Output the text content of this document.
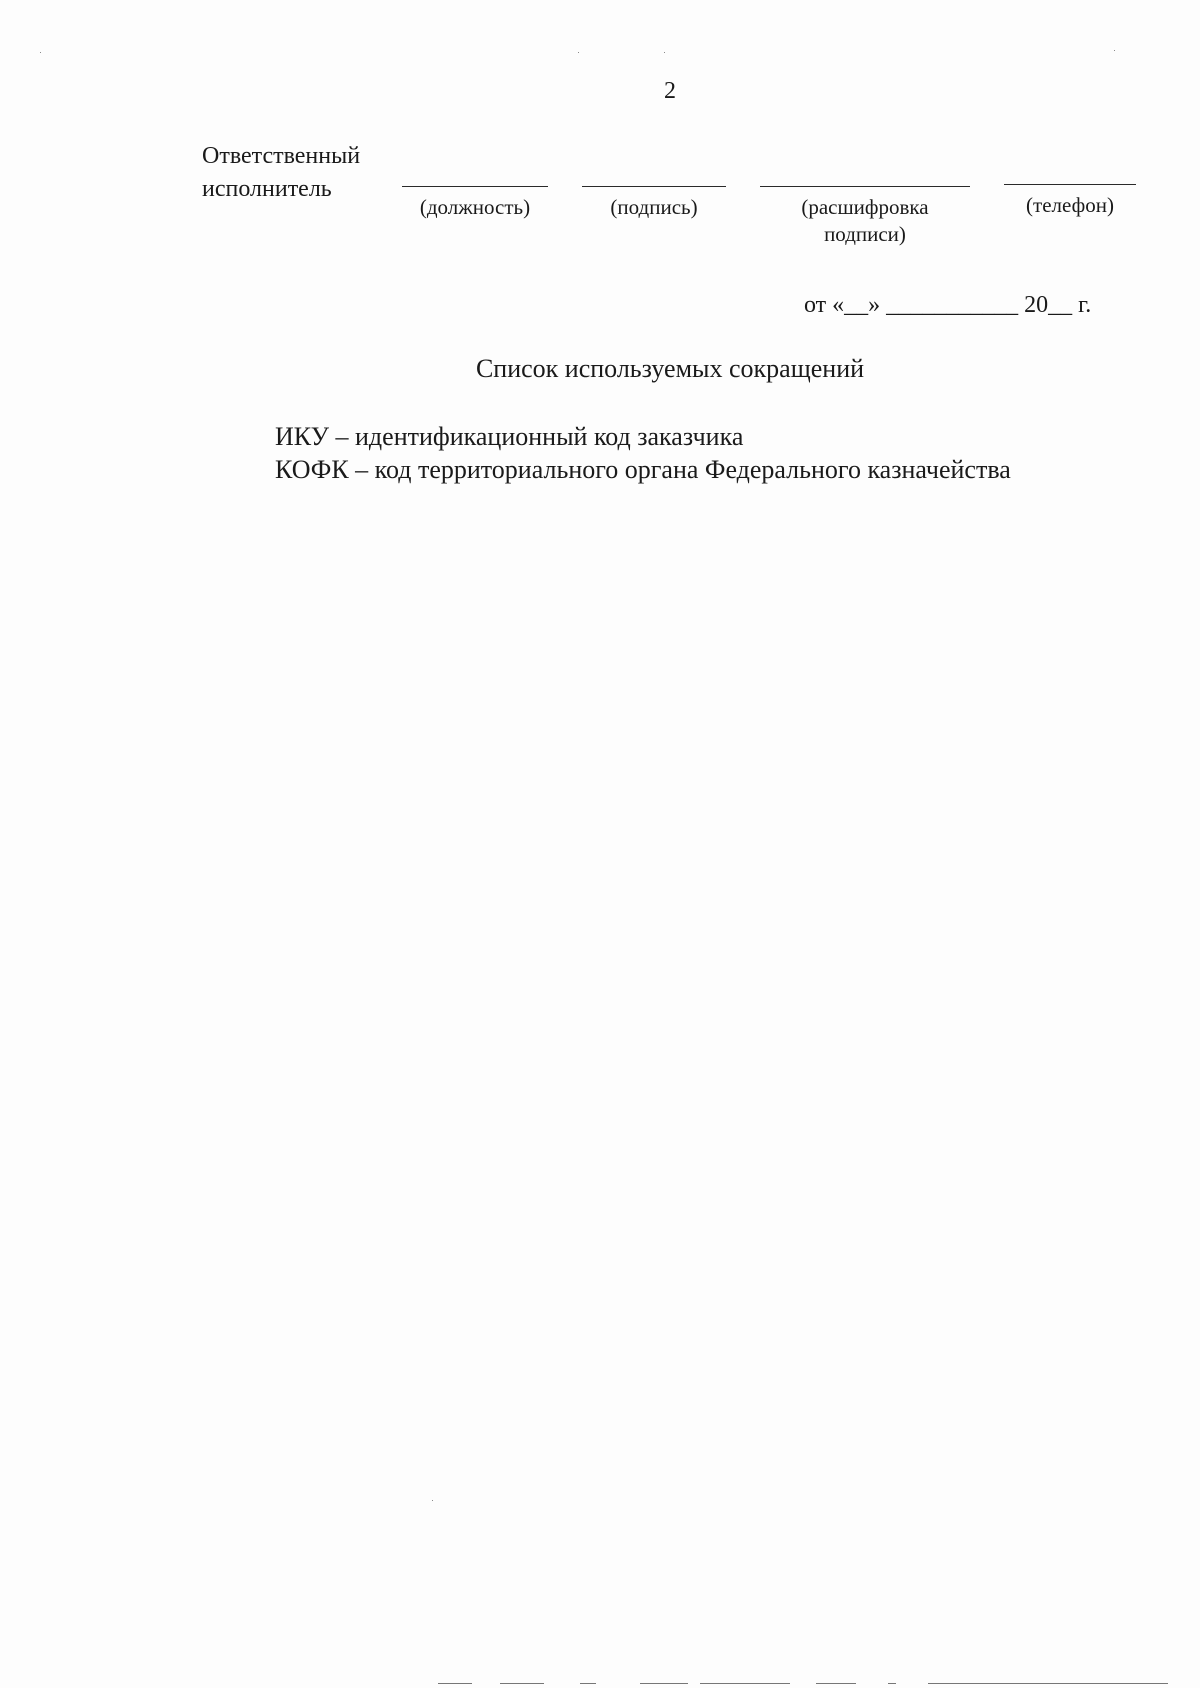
2
Ответственный
исполнитель
(должность)	(подпись)	(расшифровка
подписи)
(телефон)
от «__» ___________ 20__ г.
Список используемых сокращений
ИКУ – идентификационный код заказчика
КОФК – код территориального органа Федерального казначейства
